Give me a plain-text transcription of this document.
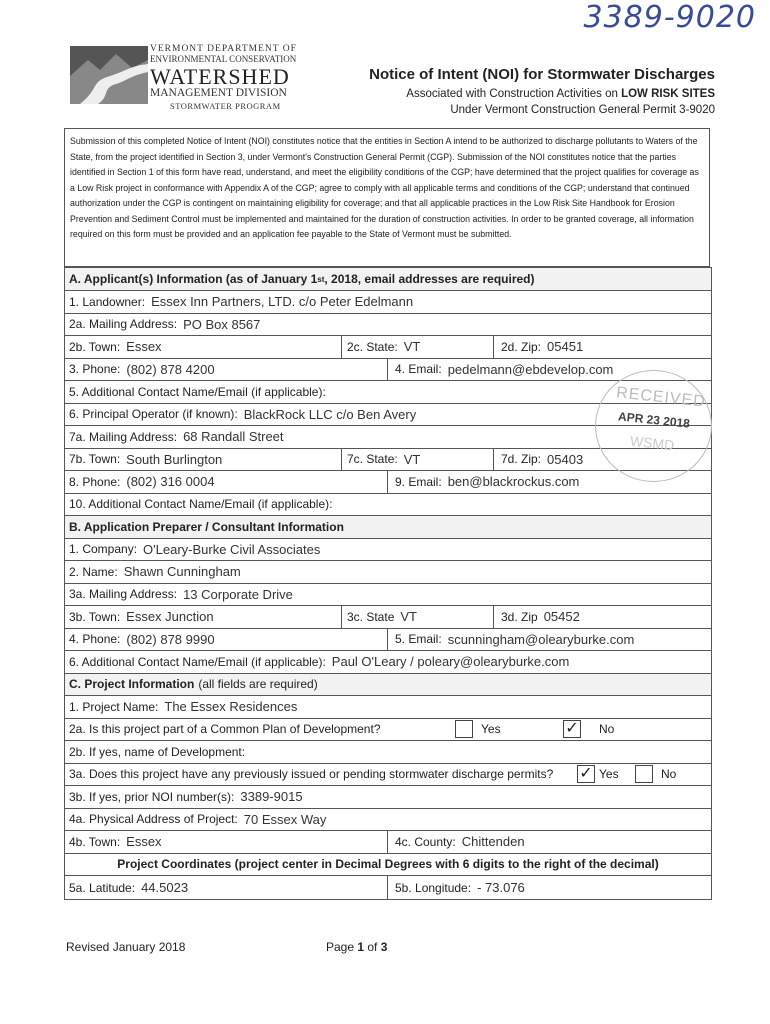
3389-9020
VERMONT DEPARTMENT OF
ENVIRONMENTAL CONSERVATION
WATERSHED
MANAGEMENT DIVISION
STORMWATER PROGRAM
Notice of Intent (NOI) for Stormwater Discharges
Associated with Construction Activities on LOW RISK SITES
Under Vermont Construction General Permit 3-9020
Submission of this completed Notice of Intent (NOI) constitutes notice that the entities in Section A intend to be authorized to discharge pollutants to Waters of the State, from the project identified in Section 3, under Vermont's Construction General Permit (CGP). Submission of the NOI constitutes notice that the parties identified in Section 1 of this form have read, understand, and meet the eligibility conditions of the CGP; have determined that the project qualifies for coverage as a Low Risk project in conformance with Appendix A of the CGP; agree to comply with all applicable terms and conditions of the CGP; understand that continued authorization under the CGP is contingent on maintaining eligibility for coverage; and that all applicable practices in the Low Risk Site Handbook for Erosion Prevention and Sediment Control must be implemented and maintained for the duration of construction activities. In order to be granted coverage, all information required on this form must be provided and an application fee payable to the State of Vermont must be submitted.
A. Applicant(s) Information (as of January 1 st , 2018, email addresses are required)
1. Landowner: Essex Inn Partners, LTD. c/o Peter Edelmann
2a. Mailing Address: PO Box 8567
2b. Town: Essex	2c. State: VT	2d. Zip: 05451
3. Phone: (802) 878 4200	4. Email: pedelmann@ebdevelop.com
5. Additional Contact Name/Email (if applicable):
6. Principal Operator (if known): BlackRock LLC c/o Ben Avery
7a. Mailing Address: 68 Randall Street
7b. Town: South Burlington	7c. State: VT	7d. Zip: 05403
8. Phone: (802) 316 0004	9. Email: ben@blackrockus.com
10. Additional Contact Name/Email (if applicable):
B. Application Preparer / Consultant Information
1. Company: O'Leary-Burke Civil Associates
2. Name: Shawn Cunningham
3a. Mailing Address: 13 Corporate Drive
3b. Town: Essex Junction	3c. State VT	3d. Zip 05452
4. Phone: (802) 878 9990	5. Email: scunningham@olearyburke.com
6. Additional Contact Name/Email (if applicable): Paul O'Leary / poleary@olearyburke.com
C. Project Information (all fields are required)
1. Project Name: The Essex Residences
2a. Is this project part of a Common Plan of Development?	Yes	✓ No
2b. If yes, name of Development:
3a. Does this project have any previously issued or pending stormwater discharge permits? ✓ Yes	No
3b. If yes, prior NOI number(s): 3389-9015
4a. Physical Address of Project: 70 Essex Way
4b. Town: Essex	4c. County: Chittenden
Project Coordinates (project center in Decimal Degrees with 6 digits to the right of the decimal)
5a. Latitude: 44.5023	5b. Longitude: - 73.076
RECEIVED
APR 23 2018
WSMD
Revised January 2018	Page 1 of 3
